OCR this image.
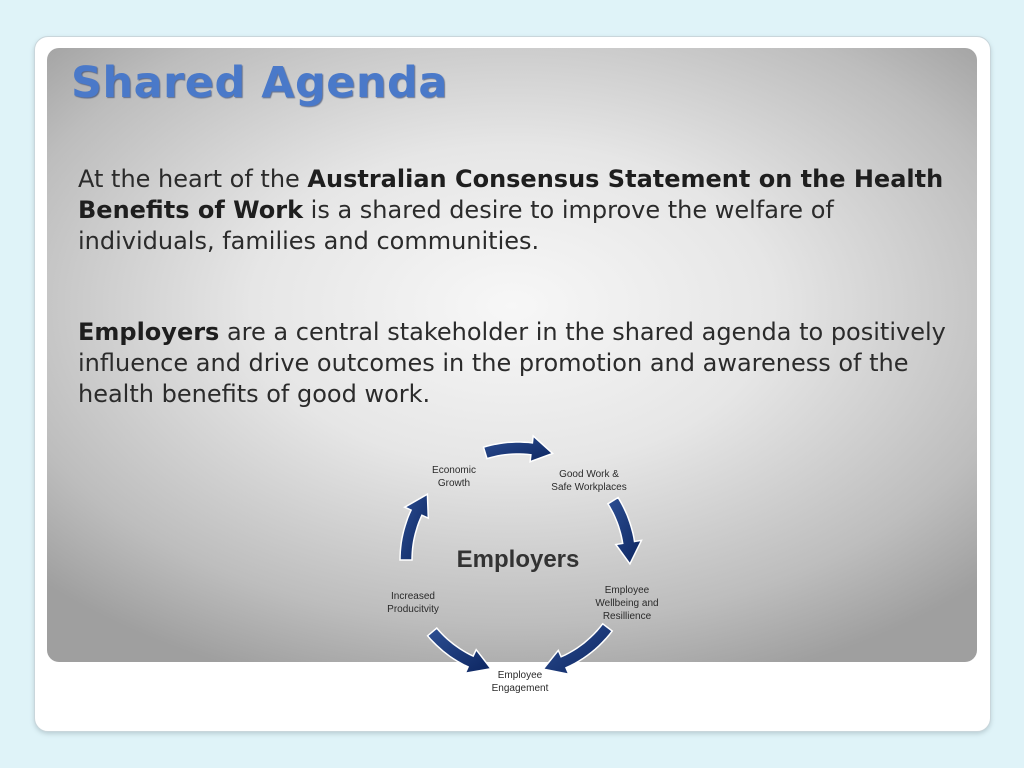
Shared Agenda

At the heart of the Australian Consensus Statement on the Health Benefits of Work is a shared desire to improve the welfare of individuals, families and communities.

Employers are a central stakeholder in the shared agenda to positively influence and drive outcomes in the promotion and awareness of the health benefits of good work.

Employers
Economic
Growth
Good Work &
Safe Workplaces
Employee
Wellbeing and
Resillience
Employee
Engagement
Increased
Producitvity
